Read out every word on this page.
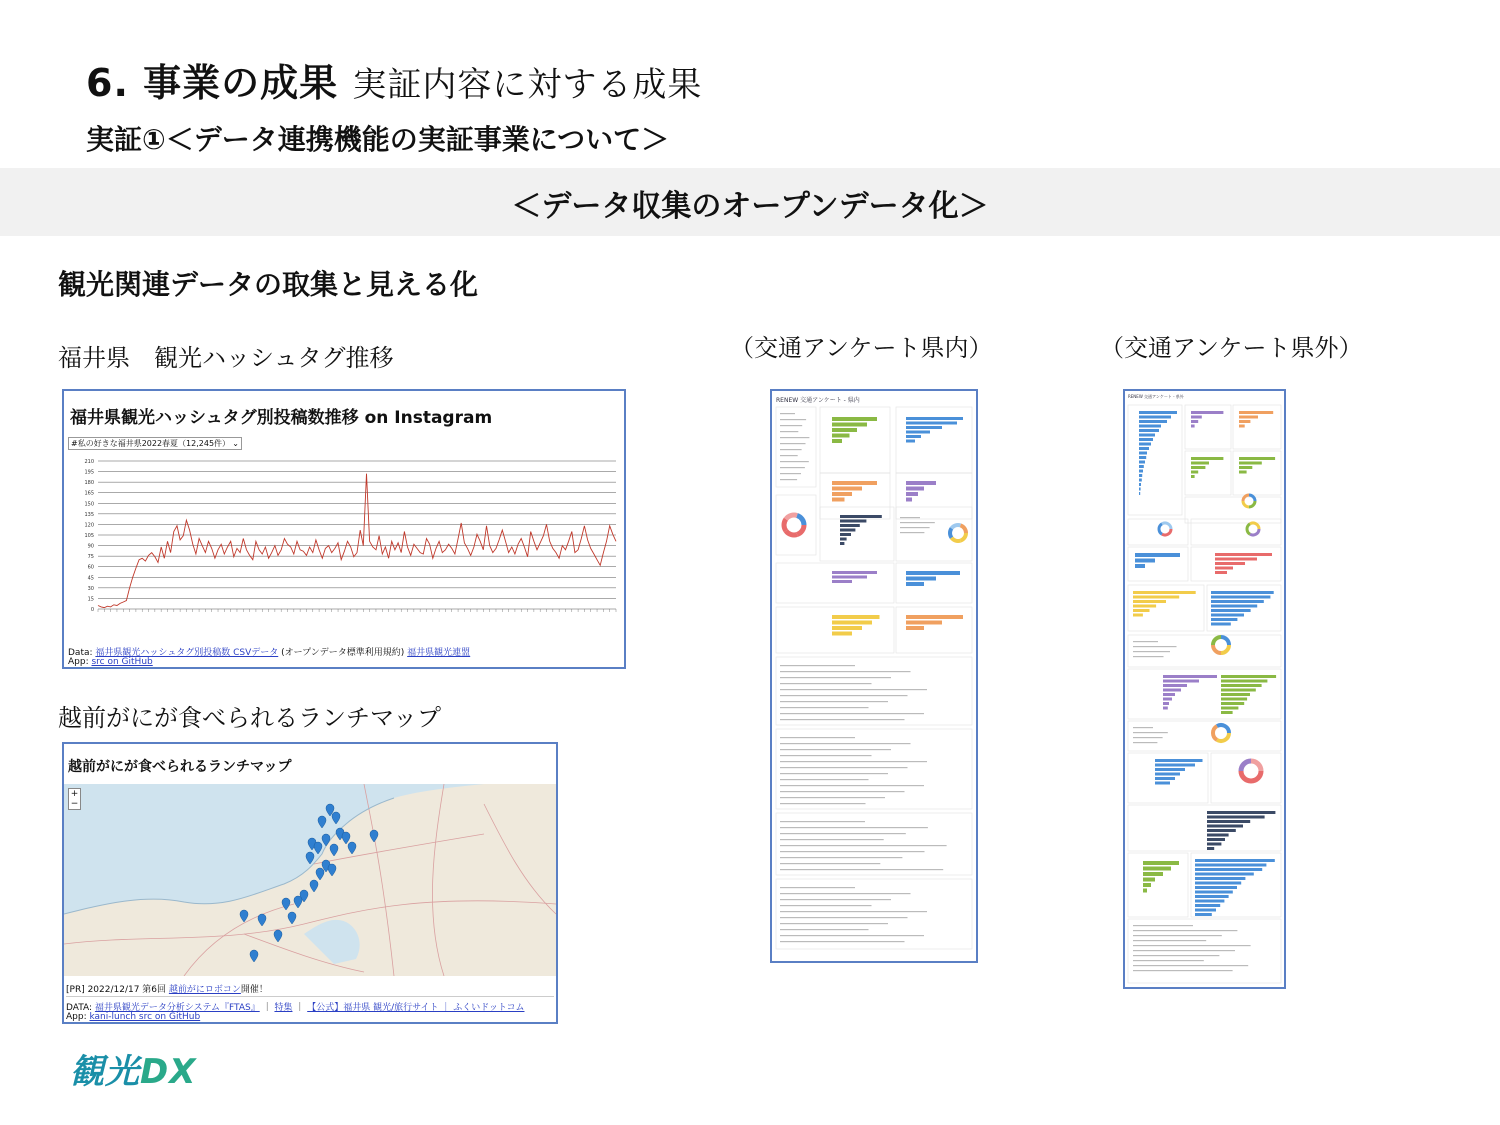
6. 事業の成果 実証内容に対する成果
実証①＜データ連携機能の実証事業について＞
＜データ収集のオープンデータ化＞
観光関連データの取集と見える化
福井県　観光ハッシュタグ推移
福井県観光ハッシュタグ別投稿数推移 on Instagram
#私の好きな福井県2022春夏（12,245件） ⌄
0
15
30
45
60
75
90
105
120
135
150
165
180
195
210
Data: 福井県観光ハッシュタグ別投稿数 CSVデータ (オープンデータ標準利用規約) 福井県観光連盟
App: src on GitHub
越前がにが食べられるランチマップ
越前がにが食べられるランチマップ
+
−
[PR] 2022/12/17 第6回 越前がにロボコン開催！
DATA: 福井県観光データ分析システム『FTAS』 ｜ 特集 ｜ 【公式】福井県 観光/旅行サイト ｜ ふくいドットコム
App: kani-lunch src on GitHub
（交通アンケート県内）	（交通アンケート県外）
RENEW 交通アンケート - 県内
RENEW 交通アンケート - 県外
観光DX
